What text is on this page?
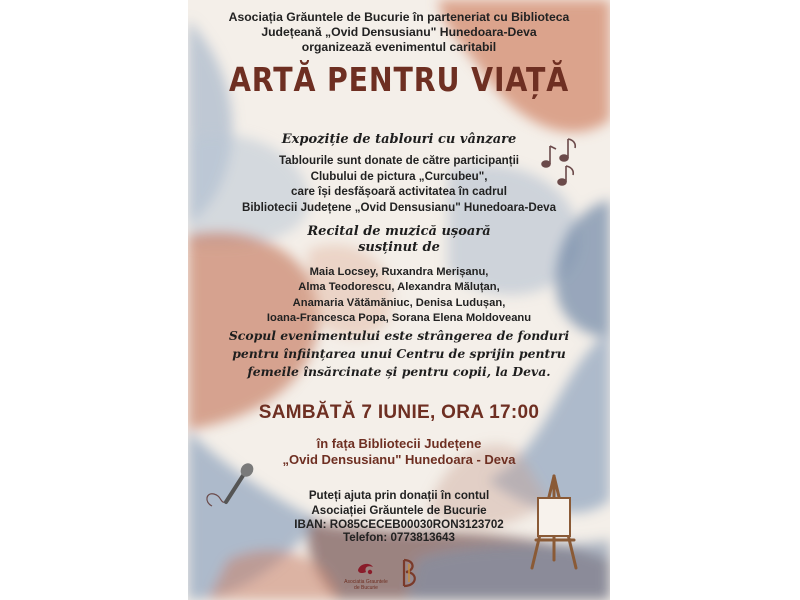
Asociația Grăuntele de Bucurie în parteneriat cu Biblioteca
Județeană „Ovid Densusianu" Hunedoara-Deva
organizează evenimentul caritabil
ARTĂ PENTRU VIAȚĂ
Expoziție de tablouri cu vânzare
Tablourile sunt donate de către participanții
Clubului de pictura „Curcubeu",
care își desfășoară activitatea în cadrul
Bibliotecii Județene „Ovid Densusianu" Hunedoara-Deva
Recital de muzică ușoară
susținut de
Maia Locsey, Ruxandra Merișanu,
Alma Teodorescu, Alexandra Măluțan,
Anamaria Vătămăniuc, Denisa Ludușan,
Ioana-Francesca Popa, Sorana Elena Moldoveanu
Scopul evenimentului este strângerea de fonduri
pentru înființarea unui Centru de sprijin pentru
femeile însărcinate și pentru copii, la Deva.
SAMBĂTĂ 7 IUNIE, ORA 17:00
în fața Bibliotecii Județene
„Ovid Densusianu" Hunedoara - Deva
Puteți ajuta prin donații în contul
Asociației Grăuntele de Bucurie
IBAN: RO85CECEB00030RON3123702
Telefon: 0773813643
Asociatia Grauntele de Bucurie
